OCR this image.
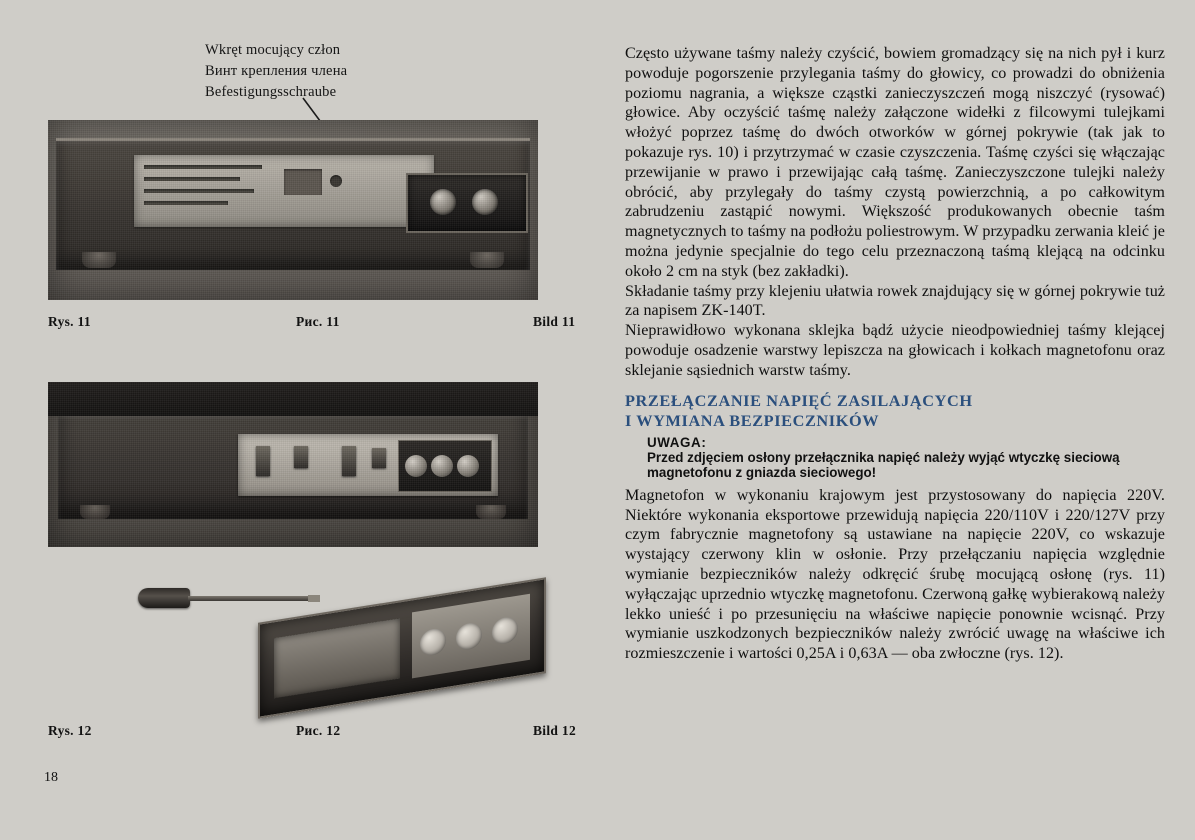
Wkręt mocujący człon
Винт крепления члена
Befestigungsschraube
Rys. 11	Рис. 11	Bild 11
Rys. 12	Рис. 12	Bild 12
18

Często używane taśmy należy czyścić, bowiem gromadzący się na nich pył i kurz powoduje pogorszenie przylegania taśmy do głowicy, co prowadzi do obniżenia poziomu nagrania, a większe cząstki zanieczyszczeń mogą niszczyć (rysować) głowice. Aby oczyścić taśmę należy załączone widełki z filcowymi tulejkami włożyć poprzez taśmę do dwóch otworków w górnej pokrywie (tak jak to pokazuje rys. 10) i przytrzymać w czasie czyszczenia. Taśmę czyści się włączając przewijanie w prawo i przewijając całą taśmę. Zanieczyszczone tulejki należy obrócić, aby przylegały do taśmy czystą powierzchnią, a po całkowitym zabrudzeniu zastąpić nowymi. Większość produkowanych obecnie taśm magnetycznych to taśmy na podłożu poliestrowym. W przypadku zerwania kleić je można jedynie specjalnie do tego celu przeznaczoną taśmą klejącą na odcinku około 2 cm na styk (bez zakładki).

Składanie taśmy przy klejeniu ułatwia rowek znajdujący się w górnej pokrywie tuż za napisem ZK-140T.

Nieprawidłowo wykonana sklejka bądź użycie nieodpowiedniej taśmy klejącej powoduje osadzenie warstwy lepiszcza na głowicach i kołkach magnetofonu oraz sklejanie sąsiednich warstw taśmy.

PRZEŁĄCZANIE NAPIĘĆ ZASILAJĄCYCH
I WYMIANA BEZPIECZNIKÓW
UWAGA:
Przed zdjęciem osłony przełącznika napięć należy wyjąć wtyczkę sieciową magnetofonu z gniazda sieciowego!

Magnetofon w wykonaniu krajowym jest przystosowany do napięcia 220V. Niektóre wykonania eksportowe przewidują napięcia 220/110V i 220/127V przy czym fabrycznie magnetofony są ustawiane na napięcie 220V, co wskazuje wystający czerwony klin w osłonie. Przy przełączaniu napięcia względnie wymianie bezpieczników należy odkręcić śrubę mocującą osłonę (rys. 11) wyłączając uprzednio wtyczkę magnetofonu. Czerwoną gałkę wybierakową należy lekko unieść i po przesunięciu na właściwe napięcie ponownie wcisnąć. Przy wymianie uszkodzonych bezpieczników należy zwrócić uwagę na właściwe ich rozmieszczenie i wartości 0,25A i 0,63A — oba zwłoczne (rys. 12).
